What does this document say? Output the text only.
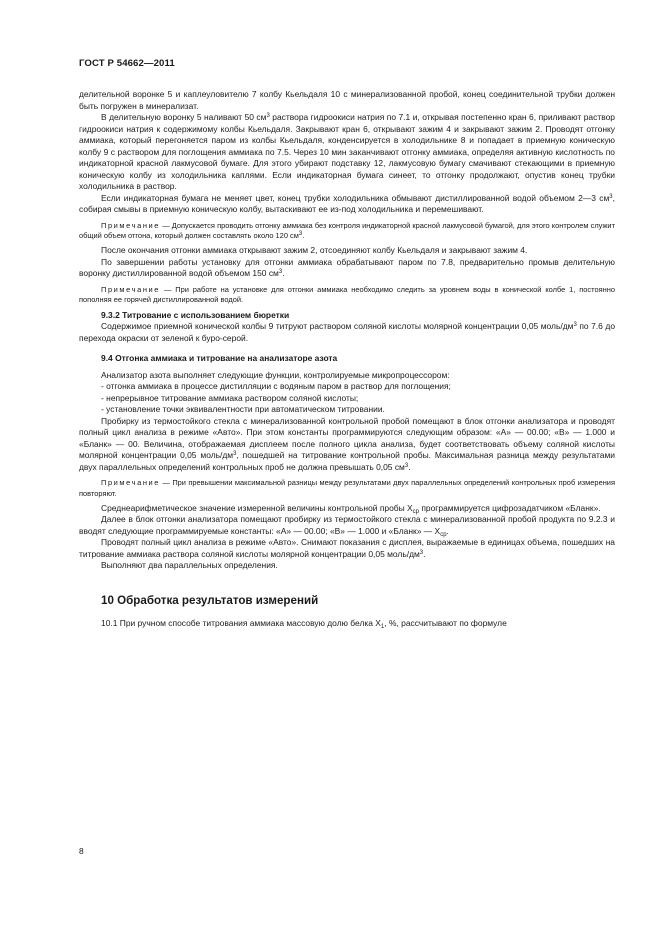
ГОСТ Р 54662—2011

делительной воронке 5 и каплеуловителю 7 колбу Кьельдаля 10 с минерализованной пробой, конец соединительной трубки должен быть погружен в минерализат.

В делительную воронку 5 наливают 50 $см^3$ раствора гидроокиси натрия по 7.1 и, открывая постепенно кран 6, приливают раствор гидроокиси натрия к содержимому колбы Кьельдаля. Закрывают кран 6, открывают зажим 4 и закрывают зажим 2. Проводят отгонку аммиака, который перегоняется паром из колбы Кьельдаля, конденсируется в холодильнике 8 и попадает в приемную коническую колбу 9 с раствором для поглощения аммиака по 7.5. Через 10 мин заканчивают отгонку аммиака, определяя активную кислотность по индикаторной красной лакмусовой бумаге. Для этого убирают подставку 12, лакмусовую бумагу смачивают стекающими в приемную коническую колбу из холодильника каплями. Если индикаторная бумага синеет, то отгонку продолжают, опустив конец трубки холодильника в раствор.

Если индикаторная бумага не меняет цвет, конец трубки холодильника обмывают дистиллированной водой объемом 2—3 $см^3$, собирая смывы в приемную коническую колбу, вытаскивают ее из-под холодильника и перемешивают.

Примечание — Допускается проводить отгонку аммиака без контроля индикаторной красной лакмусовой бумагой, для этого контролем служит общий объем отгона, который должен составлять около 120 $см^3$.

После окончания отгонки аммиака открывают зажим 2, отсоединяют колбу Кьельдаля и закрывают зажим 4.

По завершении работы установку для отгонки аммиака обрабатывают паром по 7.8, предварительно промыв делительную воронку дистиллированной водой объемом 150 $см^3$.

Примечание — При работе на установке для отгонки аммиака необходимо следить за уровнем воды в конической колбе 1, постоянно пополняя ее горячей дистиллированной водой.
9.3.2 Титрование с использованием бюретки

Содержимое приемной конической колбы 9 титруют раствором соляной кислоты молярной концентрации 0,05 моль/$дм^3$ по 7.6 до перехода окраски от зеленой к буро-серой.

9.4 Отгонка аммиака и титрование на анализаторе азота

Анализатор азота выполняет следующие функции, контролируемые микропроцессором:

- отгонка аммиака в процессе дистилляции с водяным паром в раствор для поглощения;
- непрерывное титрование аммиака раствором соляной кислоты;
- установление точки эквивалентности при автоматическом титровании.

Пробирку из термостойкого стекла с минерализованной контрольной пробой помещают в блок отгонки анализатора и проводят полный цикл анализа в режиме «Авто». При этом константы программируются следующим образом: «А» — 00.00; «В» — 1.000 и «Бланк» — 00. Величина, отображаемая дисплеем после полного цикла анализа, будет соответствовать объему соляной кислоты молярной концентрации 0,05 моль/$дм^3$, пошедшей на титрование контрольной пробы. Максимальная разница между результатами двух параллельных определений контрольных проб не должна превышать 0,05 $см^3$.

Примечание — При превышении максимальной разницы между результатами двух параллельных определений контрольных проб измерения повторяют.

Среднеарифметическое значение измеренной величины контрольной пробы $X_{ср}$ программируется цифрозадатчиком «Бланк».

Далее в блок отгонки анализатора помещают пробирку из термостойкого стекла с минерализованной пробой продукта по 9.2.3 и вводят следующие программируемые константы: «А» — 00.00; «В» — 1.000 и «Бланк» — $X_{ср}$.

Проводят полный цикл анализа в режиме «Авто». Снимают показания с дисплея, выражаемые в единицах объема, пошедших на титрование аммиака раствора соляной кислоты молярной концентрации 0,05 моль/$дм^3$.

Выполняют два параллельных определения.

10 Обработка результатов измерений

10.1 При ручном способе титрования аммиака массовую долю белка $X_1$, %, рассчитывают по формуле

8
